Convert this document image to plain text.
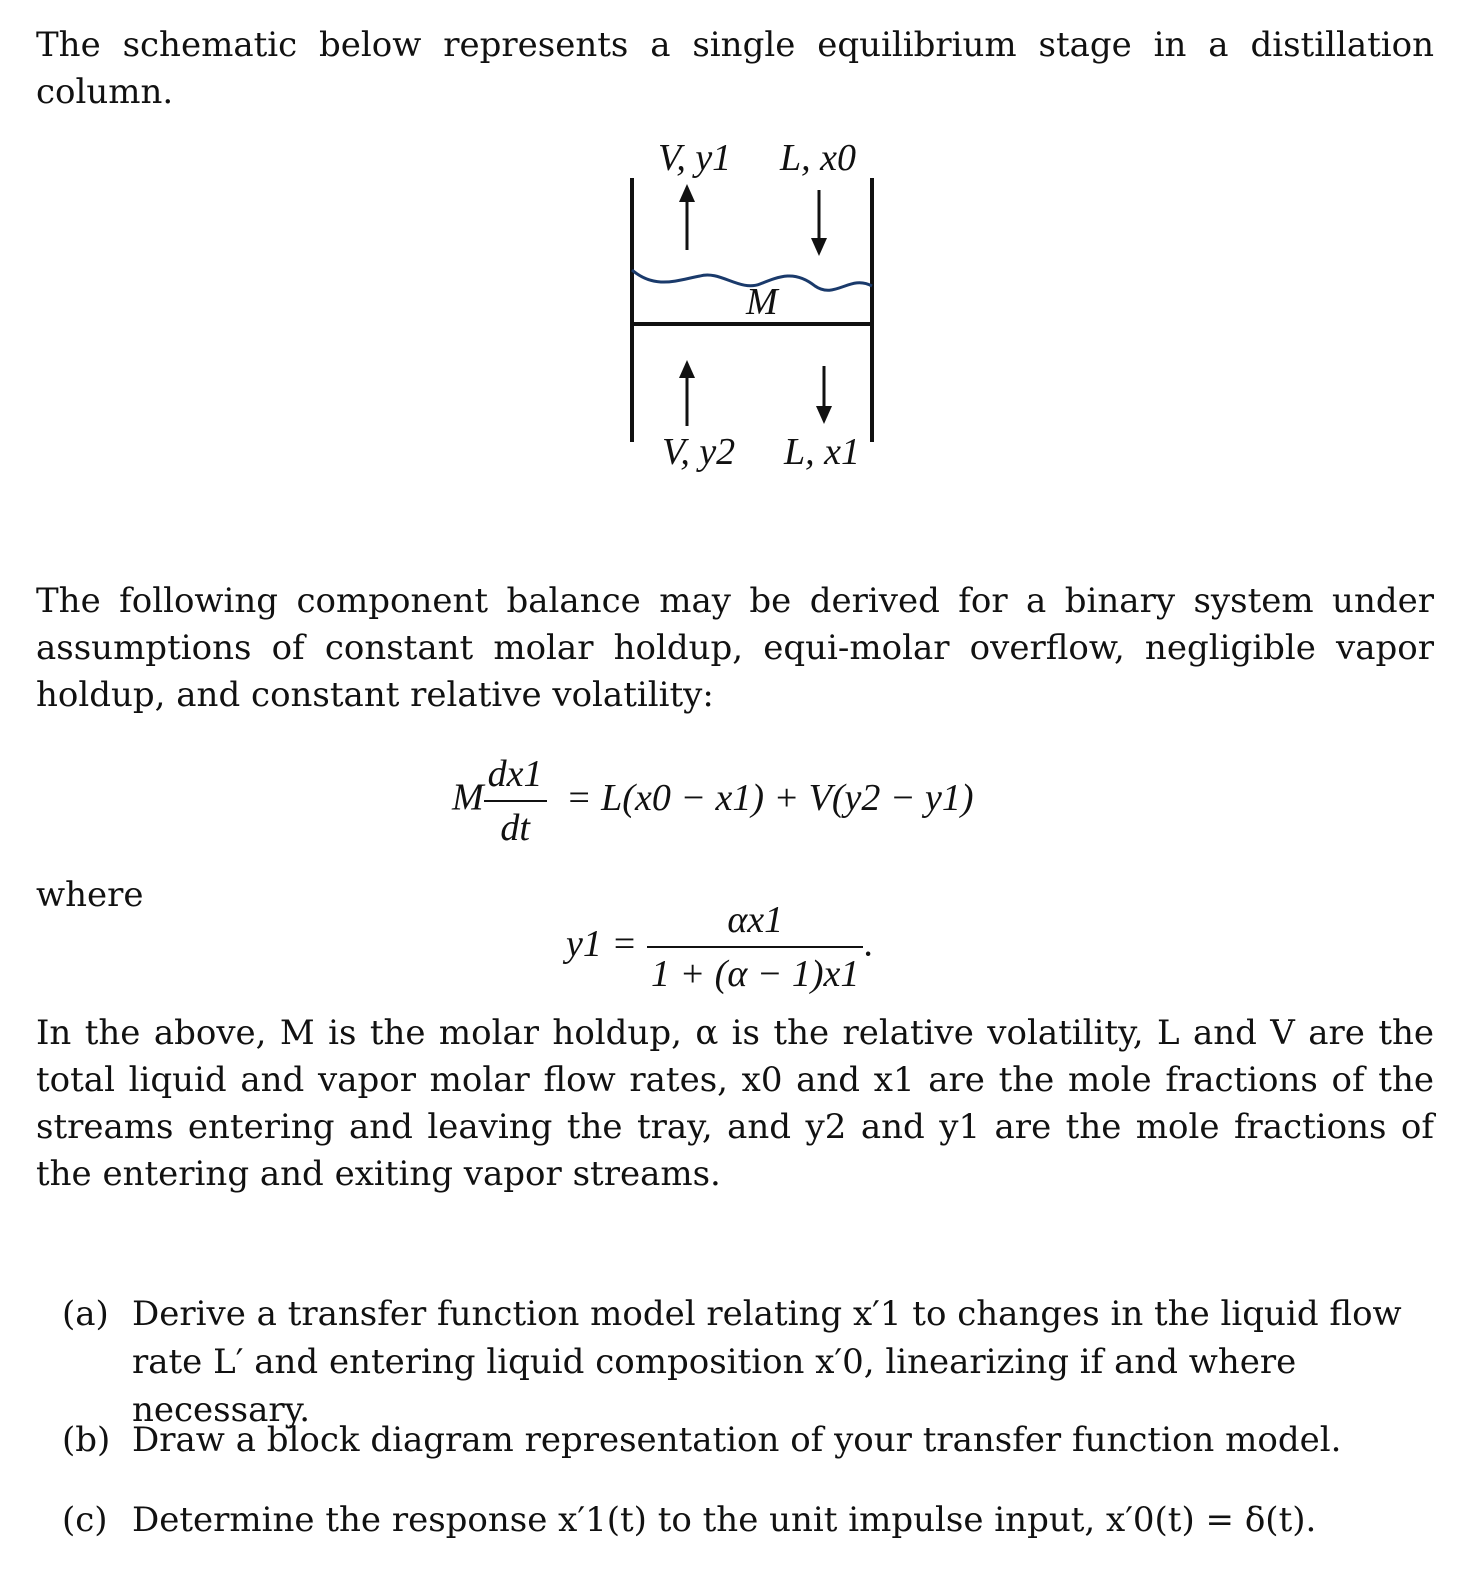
The schematic below represents a single equilibrium stage in a distillation column.

V, y1 L, x0
M
V, y2 L, x1

The following component balance may be derived for a binary system under assumptions of constant molar holdup, equi-molar overflow, negligible vapor holdup, and constant relative volatility:

M $\frac{dx1}{dt} = L(x0 - x1) + V(y2 - y1)$

where

$y1 = \frac{\alpha x1}{1 + (\alpha - 1)x1}$ .

In the above, M is the molar holdup, α is the relative volatility, L and V are the total liquid and vapor molar flow rates, x0 and x1 are the mole fractions of the streams entering and leaving the tray, and y2 and y1 are the mole fractions of the entering and exiting vapor streams.

(a) Derive a transfer function model relating x′1 to changes in the liquid flow rate L′ and entering liquid composition x′0, linearizing if and where necessary.
(b) Draw a block diagram representation of your transfer function model.
(c) Determine the response x′1(t) to the unit impulse input, x′0(t) = δ(t).
